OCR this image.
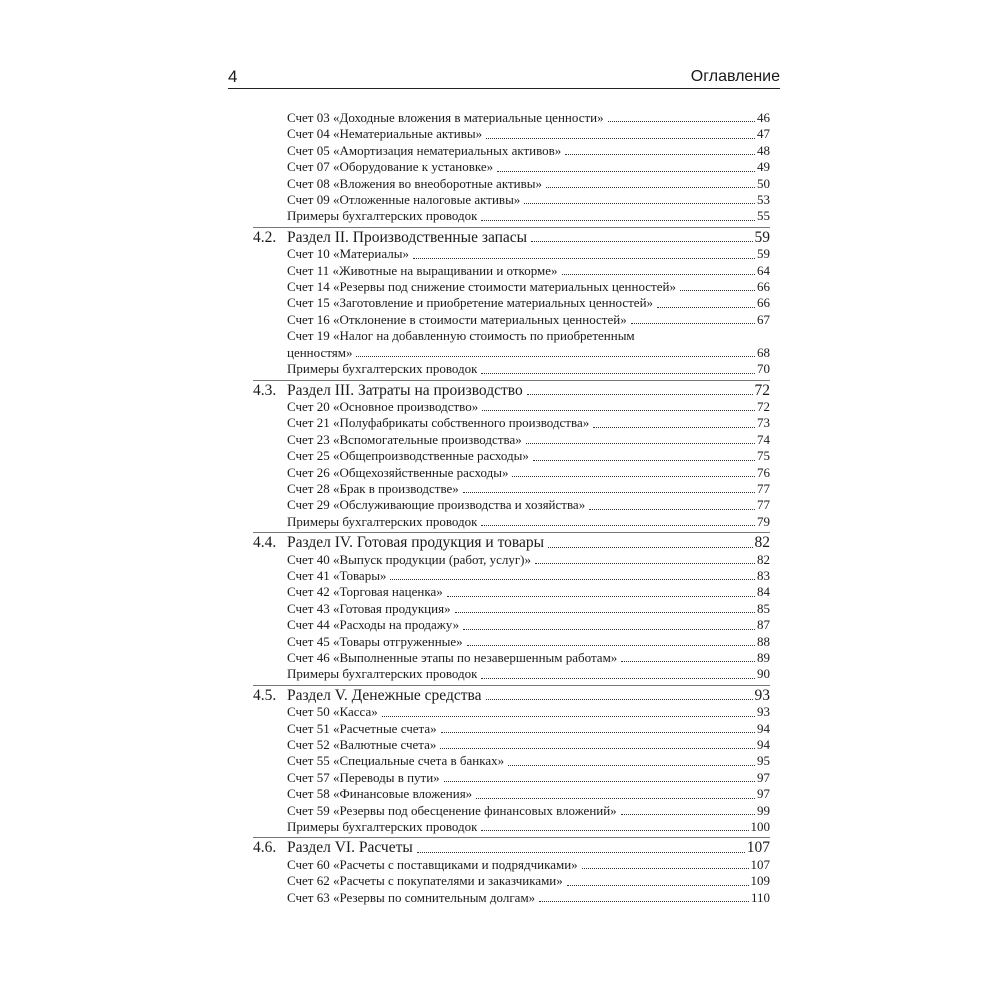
4	Оглавление
Счет 03 «Доходные вложения в материальные ценности»	46
Счет 04 «Нематериальные активы»	47
Счет 05 «Амортизация нематериальных активов»	48
Счет 07 «Оборудование к установке»	49
Счет 08 «Вложения во внеоборотные активы»	50
Счет 09 «Отложенные налоговые активы»	53
Примеры бухгалтерских проводок	55
4.2. Раздел II. Производственные запасы	59
Счет 10 «Материалы»	59
Счет 11 «Животные на выращивании и откорме»	64
Счет 14 «Резервы под снижение стоимости материальных ценностей»	66
Счет 15 «Заготовление и приобретение материальных ценностей»	66
Счет 16 «Отклонение в стоимости материальных ценностей»	67
Счет 19 «Налог на добавленную стоимость по приобретенным
ценностям»	68
Примеры бухгалтерских проводок	70
4.3. Раздел III. Затраты на производство	72
Счет 20 «Основное производство»	72
Счет 21 «Полуфабрикаты собственного производства»	73
Счет 23 «Вспомогательные производства»	74
Счет 25 «Общепроизводственные расходы»	75
Счет 26 «Общехозяйственные расходы»	76
Счет 28 «Брак в производстве»	77
Счет 29 «Обслуживающие производства и хозяйства»	77
Примеры бухгалтерских проводок	79
4.4. Раздел IV. Готовая продукция и товары	82
Счет 40 «Выпуск продукции (работ, услуг)»	82
Счет 41 «Товары»	83
Счет 42 «Торговая наценка»	84
Счет 43 «Готовая продукция»	85
Счет 44 «Расходы на продажу»	87
Счет 45 «Товары отгруженные»	88
Счет 46 «Выполненные этапы по незавершенным работам»	89
Примеры бухгалтерских проводок	90
4.5. Раздел V. Денежные средства	93
Счет 50 «Касса»	93
Счет 51 «Расчетные счета»	94
Счет 52 «Валютные счета»	94
Счет 55 «Специальные счета в банках»	95
Счет 57 «Переводы в пути»	97
Счет 58 «Финансовые вложения»	97
Счет 59 «Резервы под обесценение финансовых вложений»	99
Примеры бухгалтерских проводок	100
4.6. Раздел VI. Расчеты	107
Счет 60 «Расчеты с поставщиками и подрядчиками»	107
Счет 62 «Расчеты с покупателями и заказчиками»	109
Счет 63 «Резервы по сомнительным долгам»	110
